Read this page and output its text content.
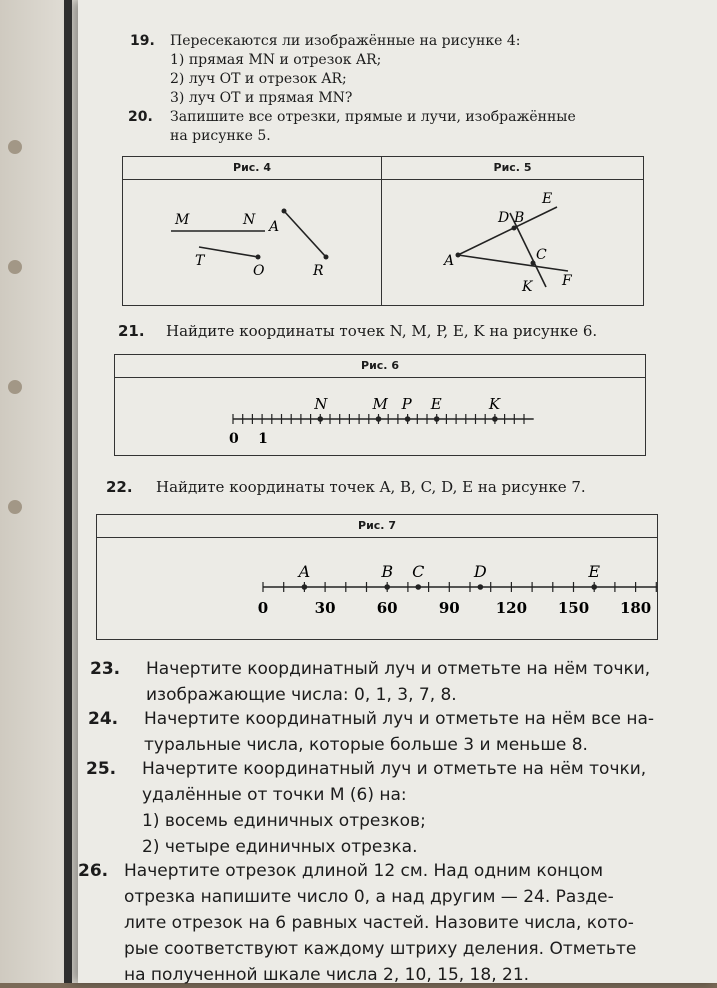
19. Пересекаются ли изображённые на рисунке 4:
1) прямая MN и отрезок AR;
2) луч OT и отрезок AR;
3) луч OT и прямая MN?
20. Запишите все отрезки, прямые и лучи, изображённые
на рисунке 5.
Рис. 4	Рис. 5
M	N A
T
O	R
D B
E
A	C
K F
21. Найдите координаты точек N, M, P, E, K на рисунке 6.
Рис. 6
0 1
N	M P E	K
22. Найдите координаты точек A, B, C, D, E на рисунке 7.
Рис. 7
0	30	60	90 120 150 180
A	B C	D	E
23. Начертите координатный луч и отметьте на нём точки,
изображающие числа: 0, 1, 3, 7, 8.
24. Начертите координатный луч и отметьте на нём все на-
туральные числа, которые больше 3 и меньше 8.
25. Начертите координатный луч и отметьте на нём точки,
удалённые от точки M (6) на:
1) восемь единичных отрезков;
2) четыре единичных отрезка.
26. Начертите отрезок длиной 12 см. Над одним концом
отрезка напишите число 0, а над другим — 24. Разде-
лите отрезок на 6 равных частей. Назовите числа, кото-
рые соответствуют каждому штриху деления. Отметьте
на полученной шкале числа 2, 10, 15, 18, 21.
